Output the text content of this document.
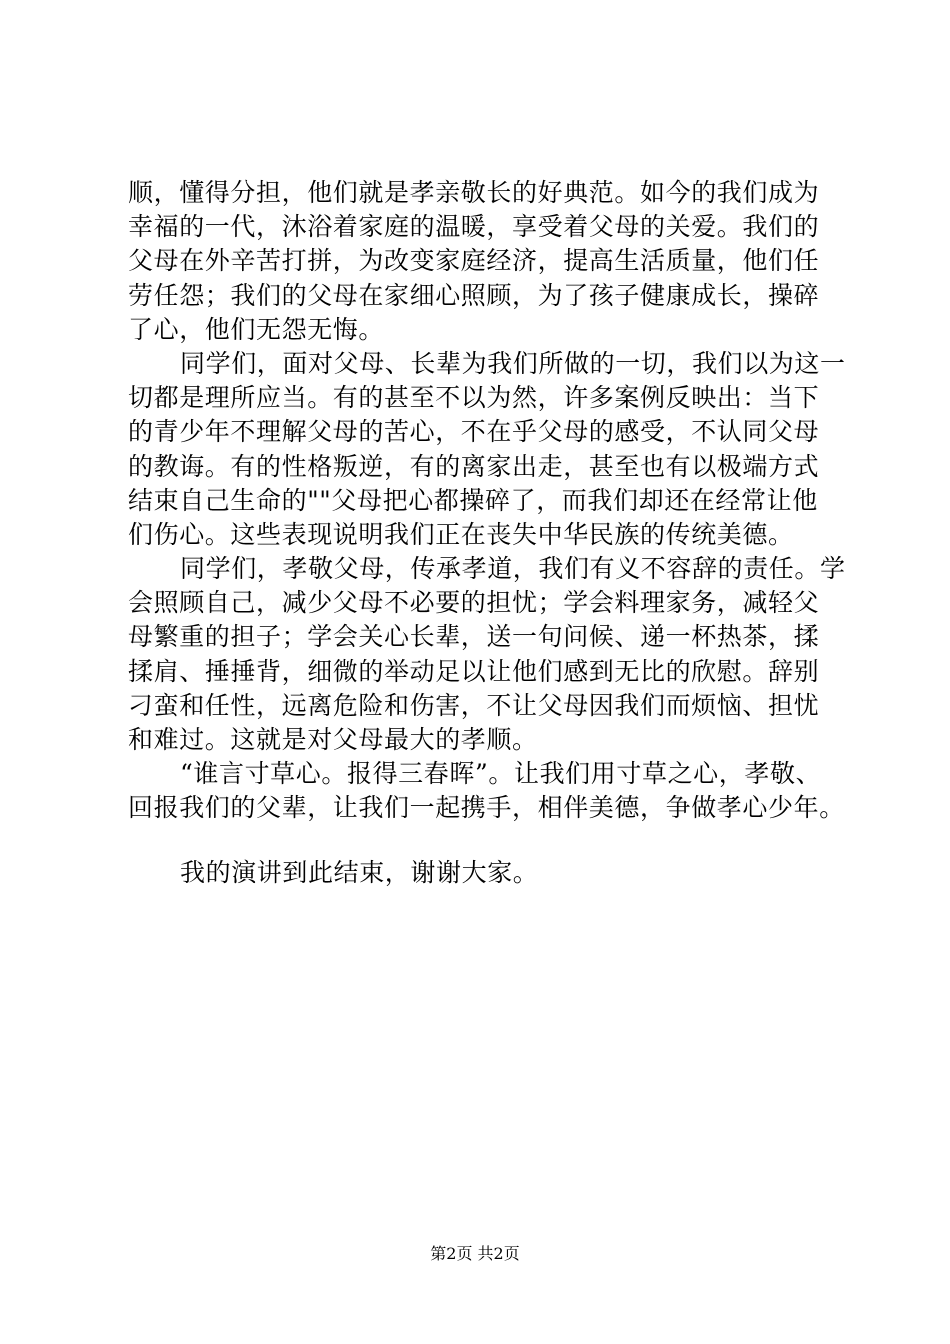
顺，懂得分担，他们就是孝亲敬长的好典范。如今的我们成为
幸福的一代，沐浴着家庭的温暖，享受着父母的关爱。我们的
父母在外辛苦打拼，为改变家庭经济，提高生活质量，他们任
劳任怨；我们的父母在家细心照顾，为了孩子健康成长，操碎
了心，他们无怨无悔。
同学们，面对父母、长辈为我们所做的一切，我们以为这一
切都是理所应当。有的甚至不以为然，许多案例反映出：当下
的青少年不理解父母的苦心，不在乎父母的感受，不认同父母
的教诲。有的性格叛逆，有的离家出走，甚至也有以极端方式
结束自己生命的""父母把心都操碎了，而我们却还在经常让他
们伤心。这些表现说明我们正在丧失中华民族的传统美德。
同学们，孝敬父母，传承孝道，我们有义不容辞的责任。学
会照顾自己，减少父母不必要的担忧；学会料理家务，减轻父
母繁重的担子；学会关心长辈，送一句问候、递一杯热茶，揉
揉肩、捶捶背，细微的举动足以让他们感到无比的欣慰。辞别
刁蛮和任性，远离危险和伤害，不让父母因我们而烦恼、担忧
和难过。这就是对父母最大的孝顺。
“谁言寸草心。报得三春晖”。让我们用寸草之心，孝敬、
回报我们的父辈，让我们一起携手，相伴美德，争做孝心少年。
我的演讲到此结束，谢谢大家。
第2页 共2页
